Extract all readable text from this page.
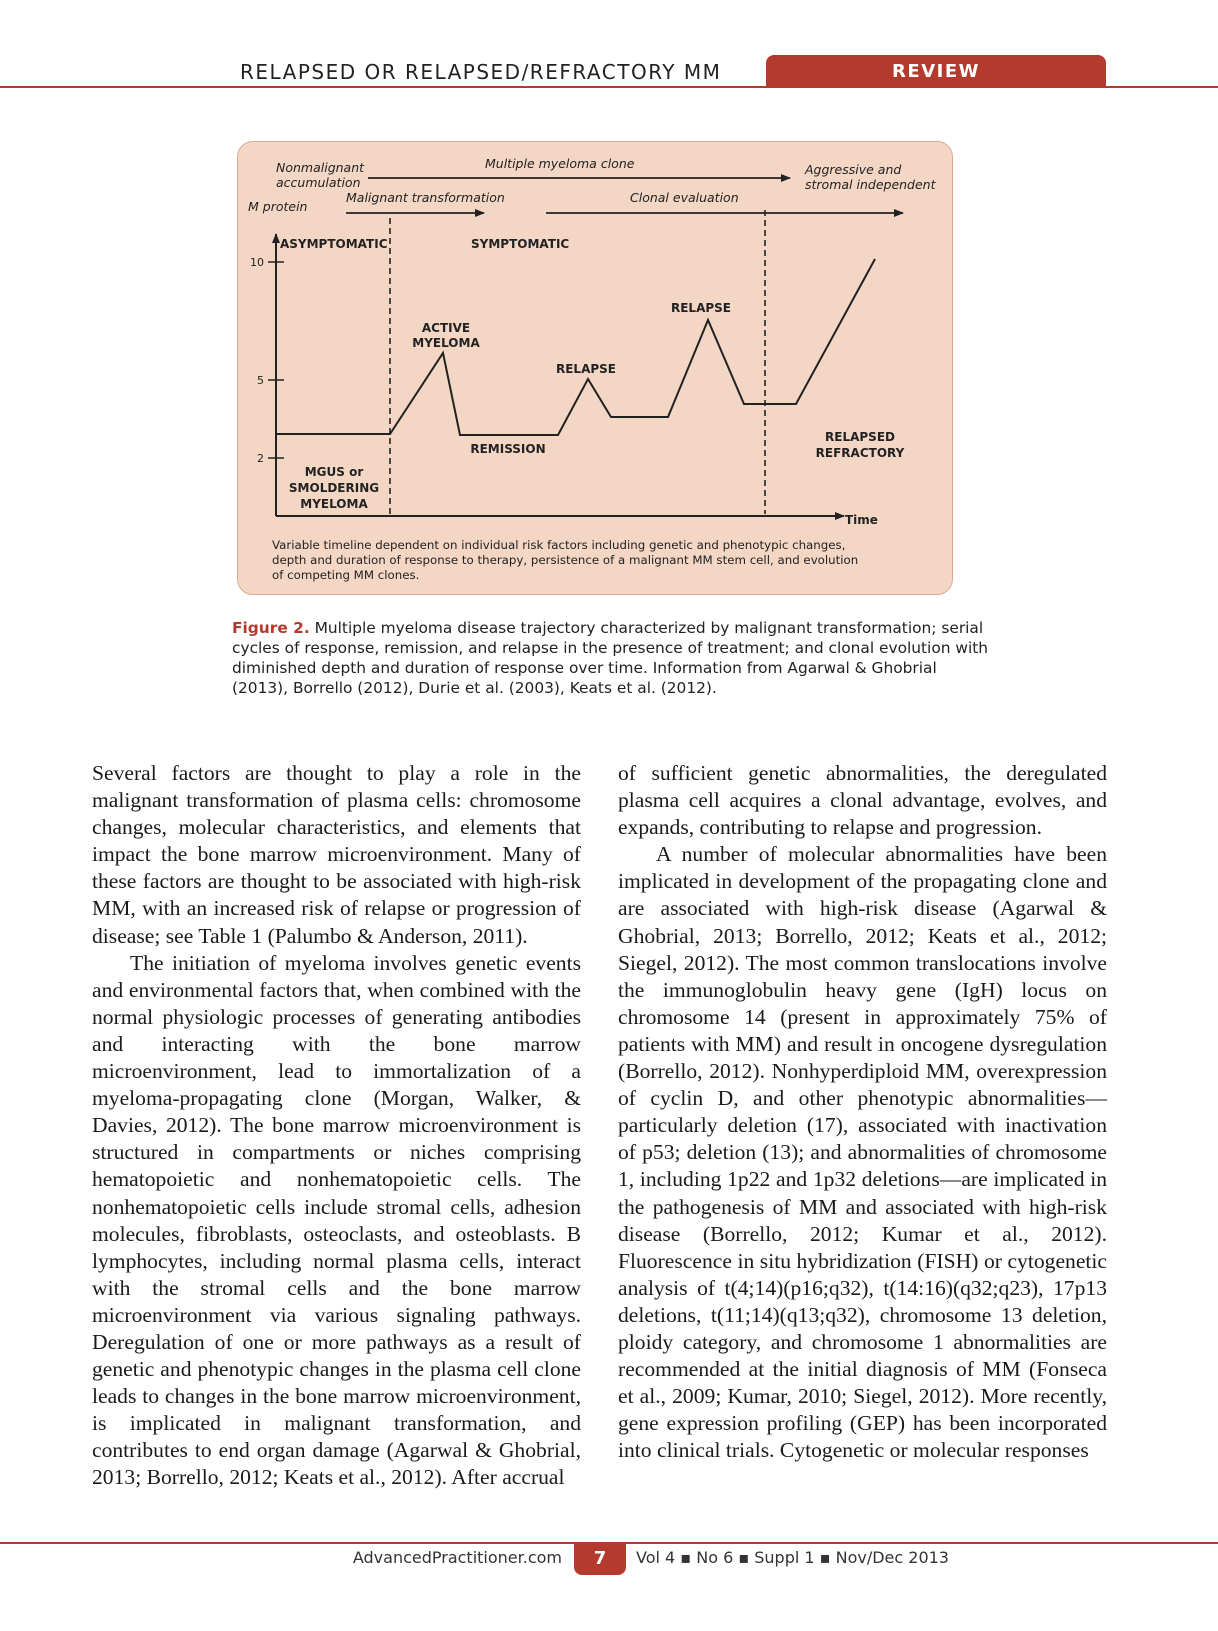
RELAPSED OR RELAPSED/REFRACTORY MM	REVIEW
Nonmalignant
accumulation
Multiple myeloma clone	Aggressive and
stromal independent
Malignant transformation	Clonal evaluation
M protein
ASYMPTOMATIC	SYMPTOMATIC
10
5
2
ACTIVE
MYELOMA
RELAPSE
RELAPSE
REMISSION
RELAPSED
REFRACTORY
MGUS or
SMOLDERING
MYELOMA
Time
Variable timeline dependent on individual risk factors including genetic and phenotypic changes,
depth and duration of response to therapy, persistence of a malignant MM stem cell, and evolution
of competing MM clones.
Figure 2. Multiple myeloma disease trajectory characterized by malignant transformation; serial cycles of response, remission, and relapse in the presence of treatment; and clonal evolution with diminished depth and duration of response over time. Information from Agarwal & Ghobrial (2013), Borrello (2012), Durie et al. (2003), Keats et al. (2012).

Several factors are thought to play a role in the malignant transformation of plasma cells: chromosome changes, molecular characteristics, and elements that impact the bone marrow microenvironment. Many of these factors are thought to be associated with high-risk MM, with an increased risk of relapse or progression of disease; see Table 1 (Palumbo & Anderson, 2011).

The initiation of myeloma involves genetic events and environmental factors that, when combined with the normal physiologic processes of generating antibodies and interacting with the bone marrow microenvironment, lead to immortalization of a myeloma-propagating clone (Morgan, Walker, & Davies, 2012). The bone marrow microenvironment is structured in compartments or niches comprising hematopoietic and nonhematopoietic cells. The nonhematopoietic cells include stromal cells, adhesion molecules, fibroblasts, osteoclasts, and osteoblasts. B lymphocytes, including normal plasma cells, interact with the stromal cells and the bone marrow microenvironment via various signaling pathways. Deregulation of one or more pathways as a result of genetic and phenotypic changes in the plasma cell clone leads to changes in the bone marrow microenvironment, is implicated in malignant transformation, and contributes to end organ damage (Agarwal & Ghobrial, 2013; Borrello, 2012; Keats et al., 2012). After accrual

of sufficient genetic abnormalities, the deregulated plasma cell acquires a clonal advantage, evolves, and expands, contributing to relapse and progression.

A number of molecular abnormalities have been implicated in development of the propagating clone and are associated with high-risk disease (Agarwal & Ghobrial, 2013; Borrello, 2012; Keats et al., 2012; Siegel, 2012). The most common translocations involve the immunoglobulin heavy gene (IgH) locus on chromosome 14 (present in approximately 75% of patients with MM) and result in oncogene dysregulation (Borrello, 2012). Nonhyperdiploid MM, overexpression of cyclin D, and other phenotypic abnormalities—particularly deletion (17), associated with inactivation of p53; deletion (13); and abnormalities of chromosome 1, including 1p22 and 1p32 deletions—are implicated in the pathogenesis of MM and associated with high-risk disease (Borrello, 2012; Kumar et al., 2012). Fluorescence in situ hybridization (FISH) or cytogenetic analysis of t(4;14)(p16;q32), t(14:16)(q32;q23), 17p13 deletions, t(11;14)(q13;q32), chromosome 13 deletion, ploidy category, and chromosome 1 abnormalities are recommended at the initial diagnosis of MM (Fonseca et al., 2009; Kumar, 2010; Siegel, 2012). More recently, gene expression profiling (GEP) has been incorporated into clinical trials. Cytogenetic or molecular responses

AdvancedPractitioner.com	7	Vol 4 ▪ No 6 ▪ Suppl 1 ▪ Nov/Dec 2013
